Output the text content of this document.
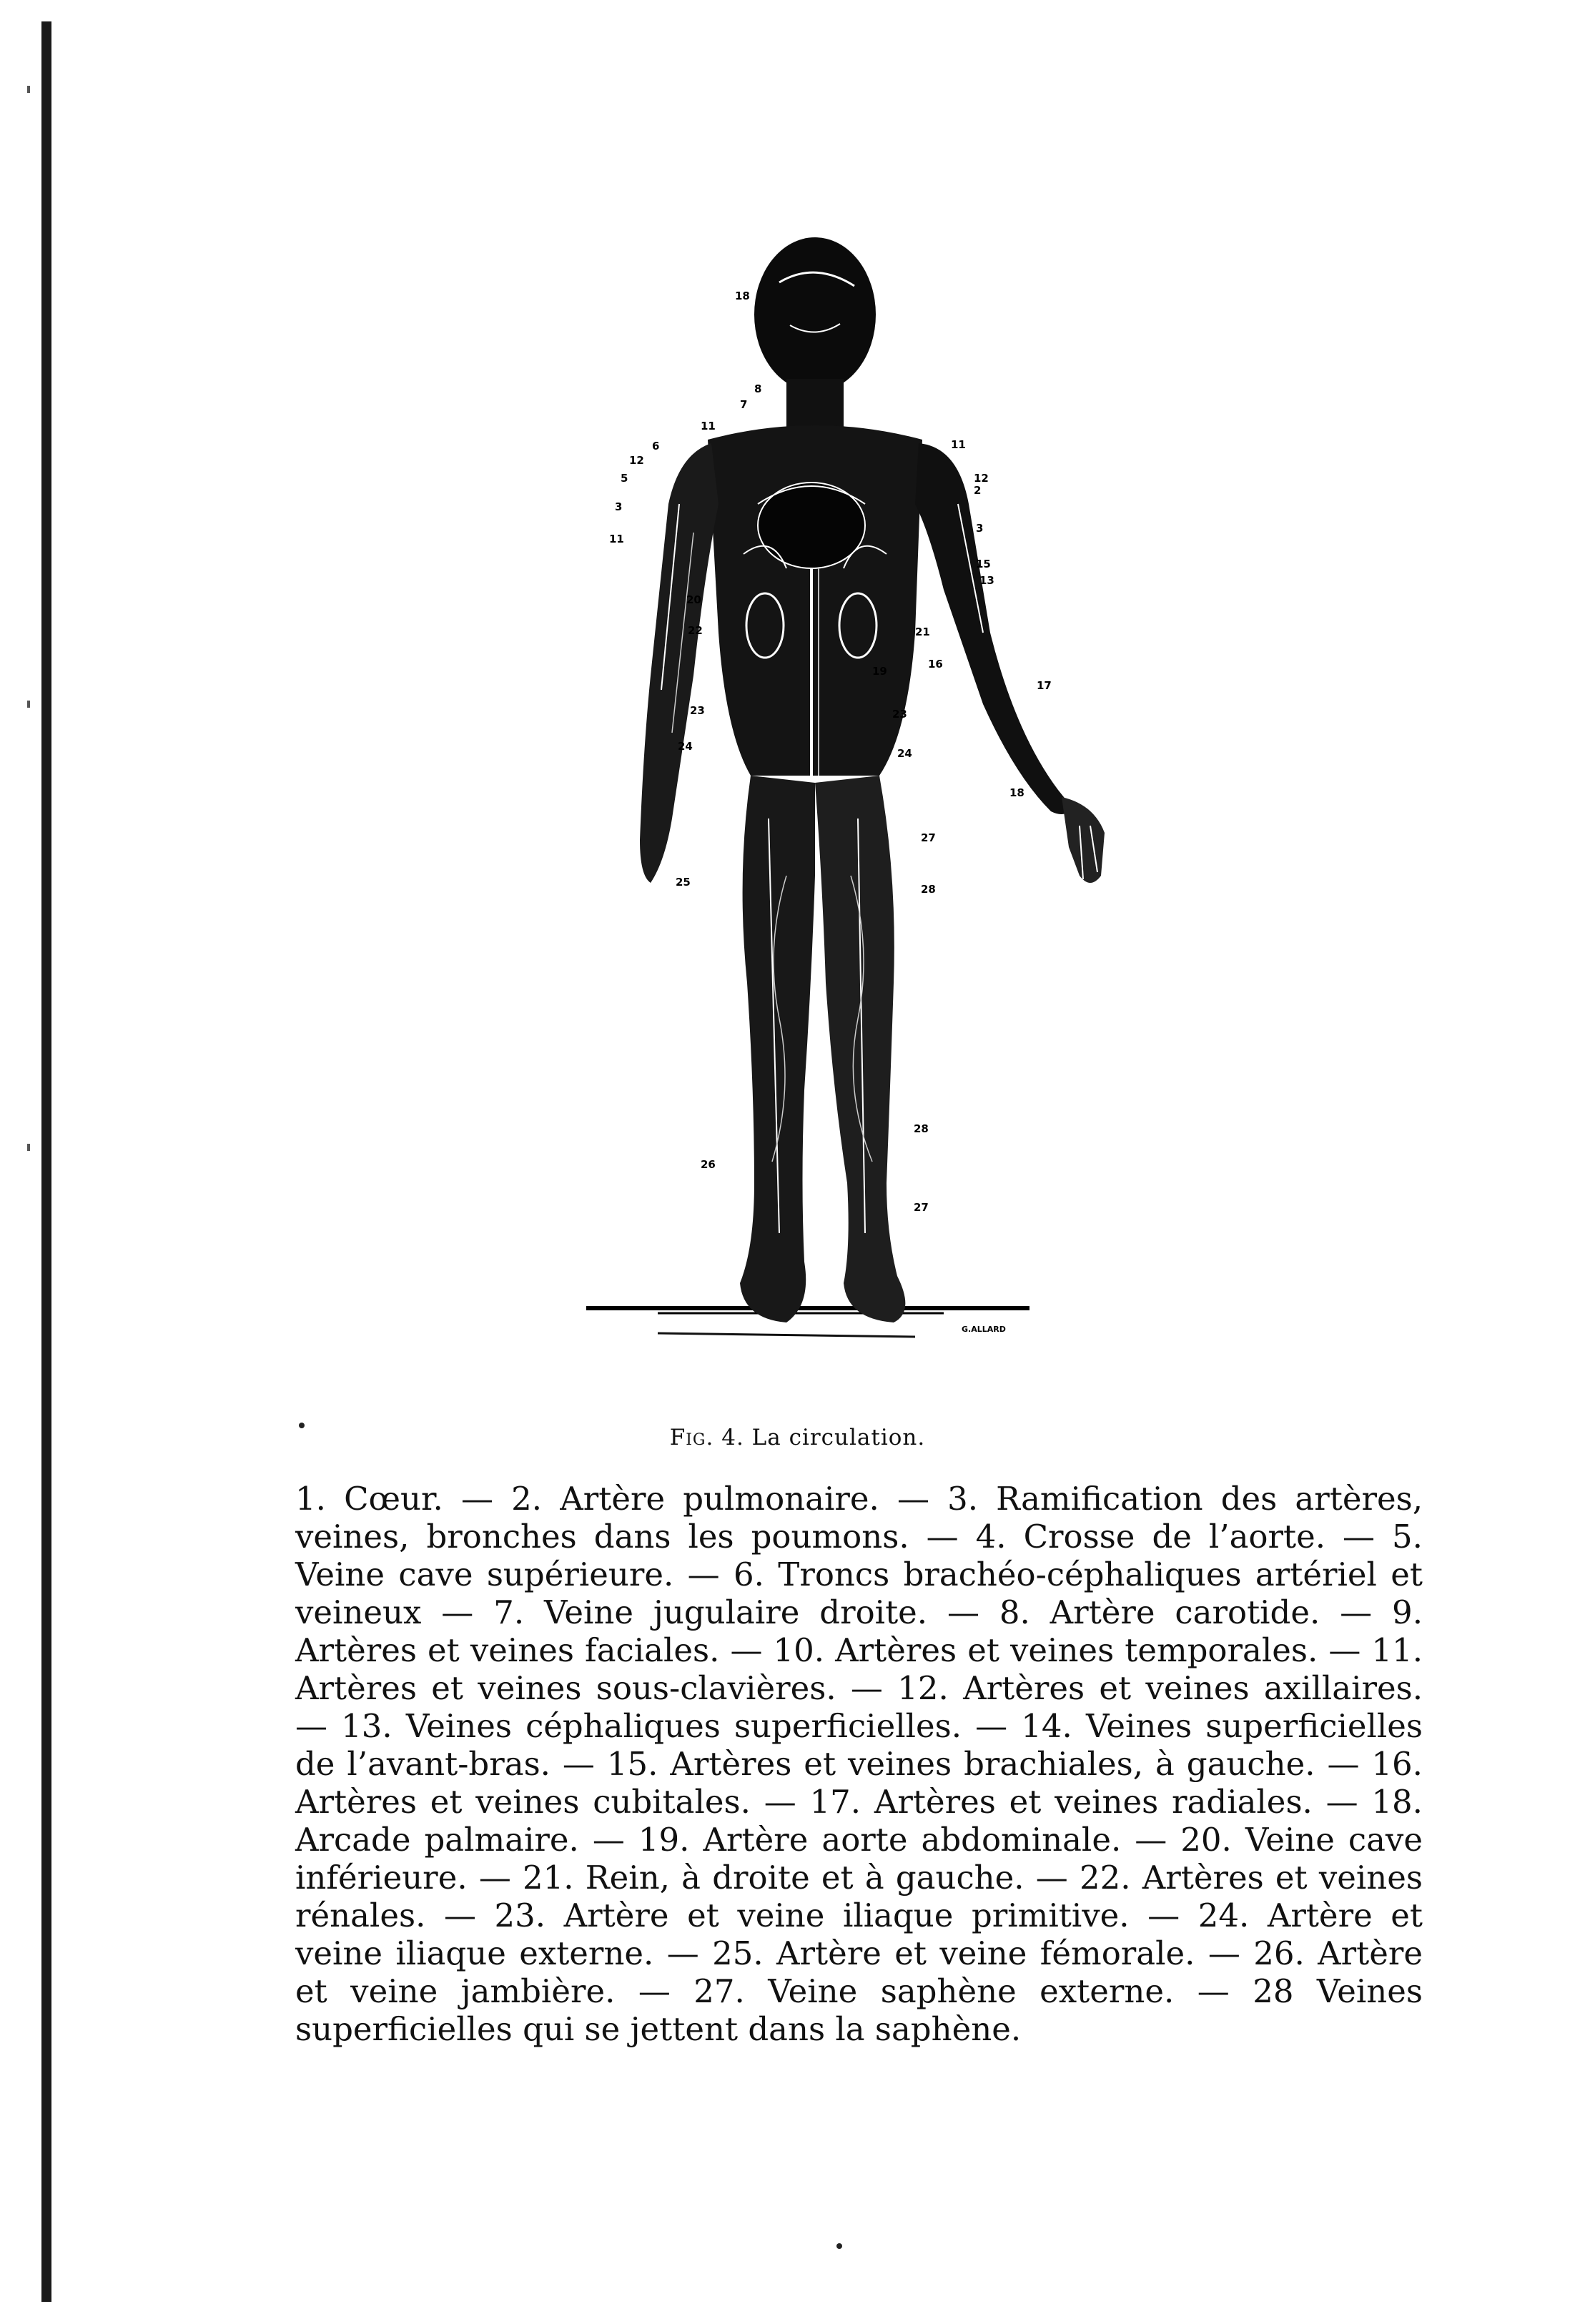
18
8
7
11
6
12
5
3
11
20
22
23
24
25
26
11
12
2
3
15
13
21
19
16
17
23
24
18
27
28
28
27
G.ALLARD
Fig. 4. La circulation.
1. Cœur. — 2. Artère pulmonaire. — 3. Ramification des artères, veines, bronches dans les poumons. — 4. Crosse de l’aorte. — 5. Veine cave supérieure. — 6. Troncs brachéo-céphaliques artériel et veineux — 7. Veine jugulaire droite. — 8. Artère carotide. — 9. Artères et veines faciales. — 10. Artères et veines temporales. — 11. Artères et veines sous-clavières. — 12. Artères et veines axillaires. — 13. Veines céphaliques superficielles. — 14. Veines superficielles de l’avant-bras. — 15. Artères et veines brachiales, à gauche. — 16. Artères et veines cubitales. — 17. Artères et veines radiales. — 18. Arcade palmaire. — 19. Artère aorte abdominale. — 20. Veine cave inférieure. — 21. Rein, à droite et à gauche. — 22. Artères et veines rénales. — 23. Artère et veine iliaque primitive. — 24. Artère et veine iliaque externe. — 25. Artère et veine fémorale. — 26. Artère et veine jambière. — 27. Veine saphène externe. — 28 Veines superficielles qui se jettent dans la saphène.
